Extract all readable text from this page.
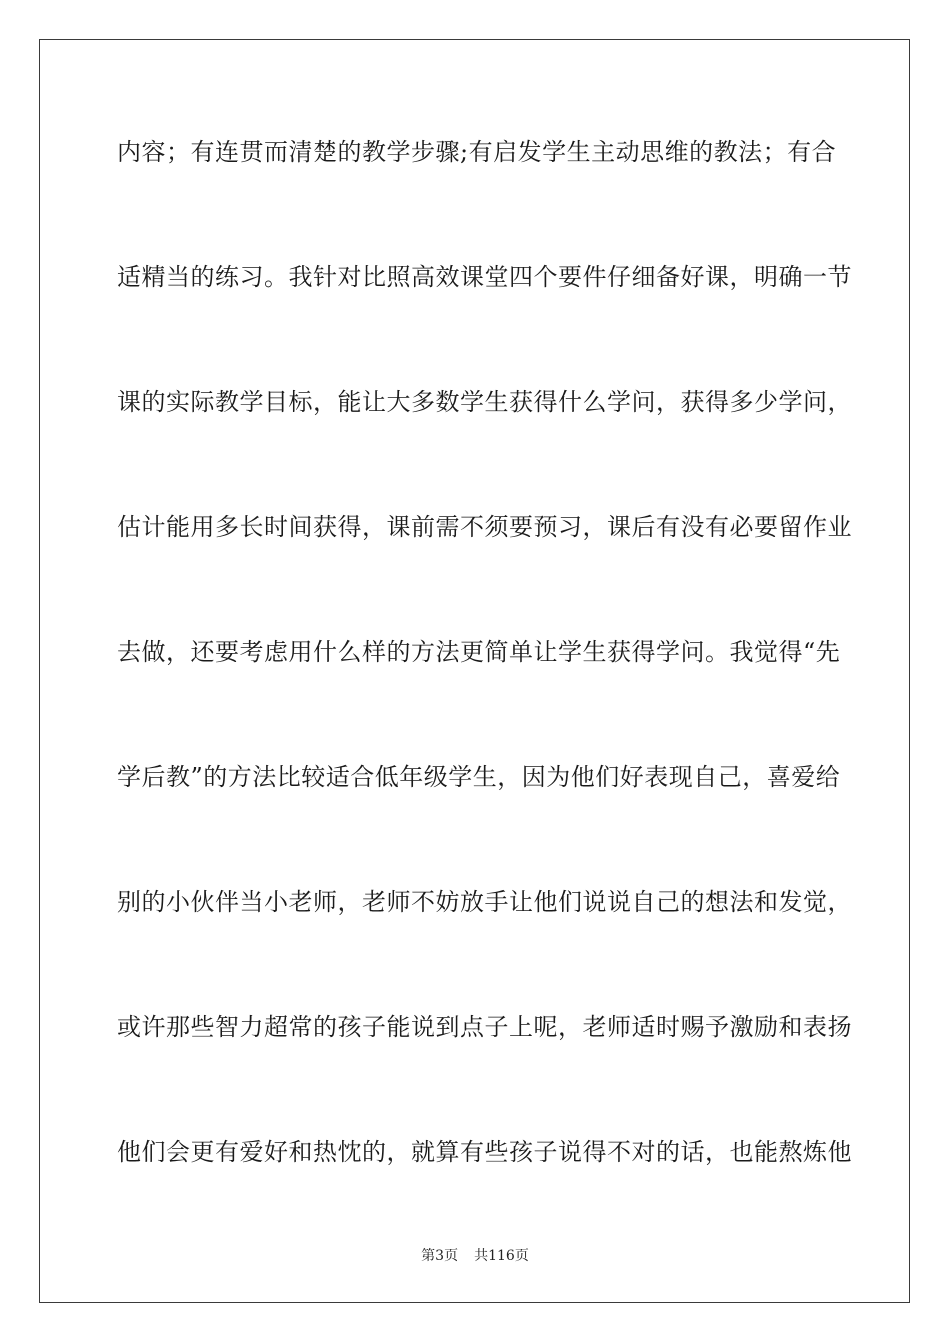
内容；有连贯而清楚的教学步骤;有启发学生主动思维的教法；有合
适精当的练习。我针对比照高效课堂四个要件仔细备好课，明确一节
课的实际教学目标，能让大多数学生获得什么学问，获得多少学问，
估计能用多长时间获得，课前需不须要预习，课后有没有必要留作业
去做，还要考虑用什么样的方法更简单让学生获得学问。我觉得“先
学后教”的方法比较适合低年级学生，因为他们好表现自己，喜爱给
别的小伙伴当小老师，老师不妨放手让他们说说自己的想法和发觉，
或许那些智力超常的孩子能说到点子上呢，老师适时赐予激励和表扬
他们会更有爱好和热忱的，就算有些孩子说得不对的话，也能熬炼他
第3页 共116页
